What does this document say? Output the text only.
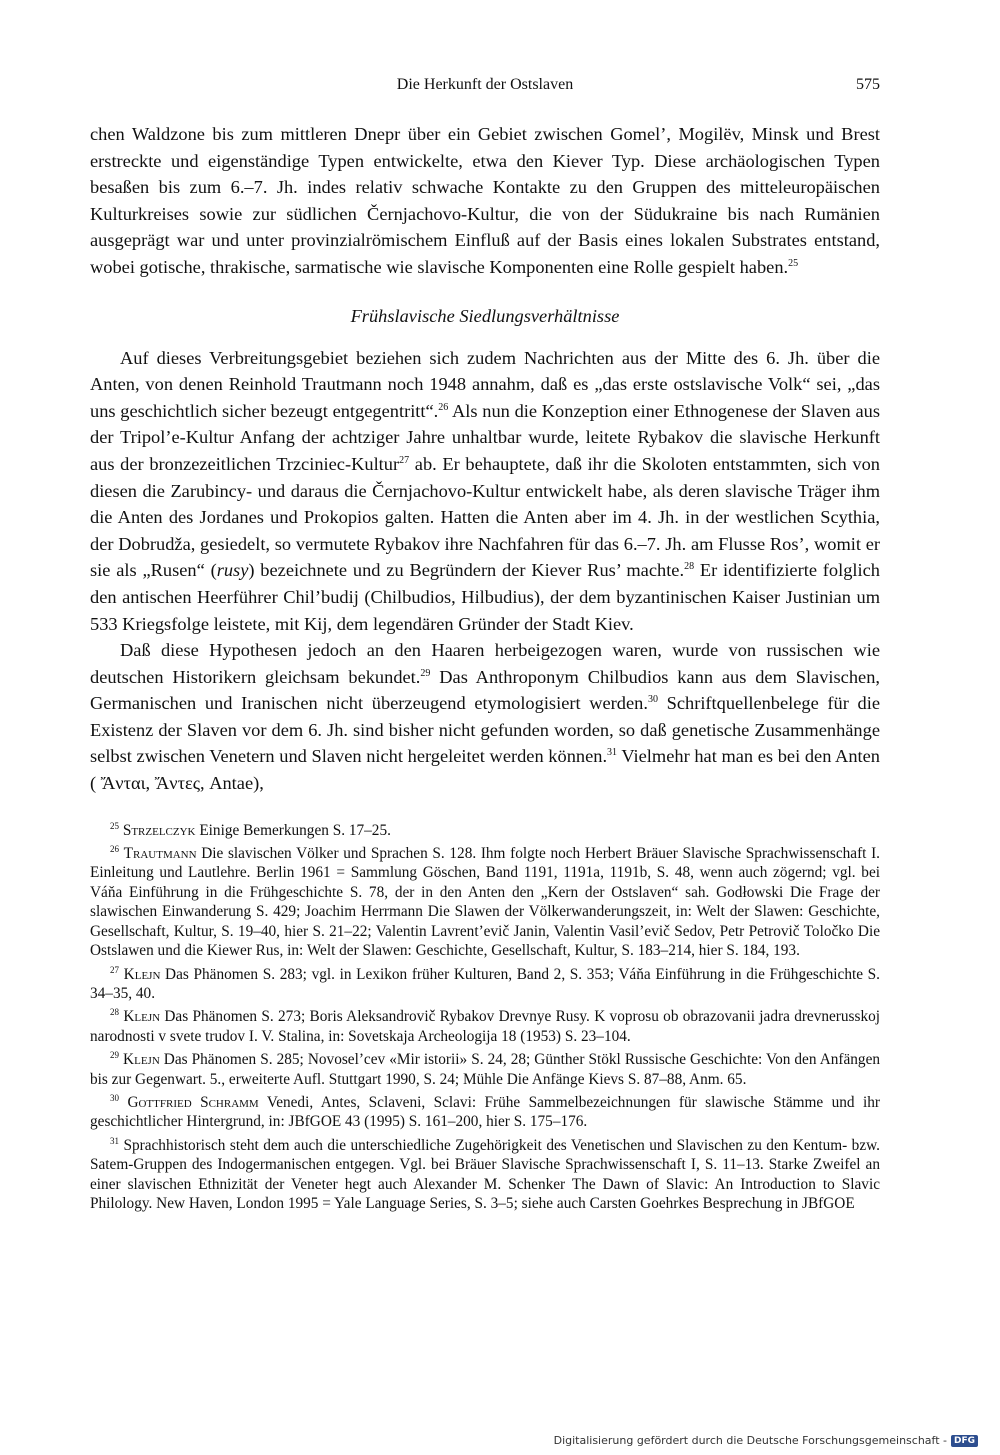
Die Herkunft der Ostslaven	575

chen Waldzone bis zum mittleren Dnepr über ein Gebiet zwischen Gomel’, Mogilëv, Minsk und Brest erstreckte und eigenständige Typen entwickelte, etwa den Kiever Typ. Diese archäologischen Typen besaßen bis zum 6.–7. Jh. indes relativ schwache Kontakte zu den Gruppen des mitteleuropäischen Kulturkreises sowie zur südlichen Černjachovo-Kultur, die von der Südukraine bis nach Rumänien ausgeprägt war und unter provinzialrömischem Einfluß auf der Basis eines lokalen Substrates entstand, wobei gotische, thrakische, sarmatische wie slavische Komponenten eine Rolle gespielt haben.$^{25}$

Frühslavische Siedlungsverhältnisse

Auf dieses Verbreitungsgebiet beziehen sich zudem Nachrichten aus der Mitte des 6. Jh. über die Anten, von denen Reinhold Trautmann noch 1948 annahm, daß es „das erste ostslavische Volk“ sei, „das uns geschichtlich sicher bezeugt entgegentritt“.$^{26}$ Als nun die Konzeption einer Ethnogenese der Slaven aus der Tripol’e-Kultur Anfang der achtziger Jahre unhaltbar wurde, leitete Rybakov die slavische Herkunft aus der bronzezeitlichen Trzciniec-Kultur$^{27}$ ab. Er behauptete, daß ihr die Skoloten entstammten, sich von diesen die Zarubincy- und daraus die Černjachovo-Kultur entwickelt habe, als deren slavische Träger ihm die Anten des Jordanes und Prokopios galten. Hatten die Anten aber im 4. Jh. in der westlichen Scythia, der Dobrudža, gesiedelt, so vermutete Rybakov ihre Nachfahren für das 6.–7. Jh. am Flusse Ros’, womit er sie als „Rusen“ (rusy) bezeichnete und zu Begründern der Kiever Rus’ machte.$^{28}$ Er identifizierte folglich den antischen Heerführer Chil’budij (Chilbudios, Hilbudius), der dem byzantinischen Kaiser Justinian um 533 Kriegsfolge leistete, mit Kij, dem legendären Gründer der Stadt Kiev.

Daß diese Hypothesen jedoch an den Haaren herbeigezogen waren, wurde von russischen wie deutschen Historikern gleichsam bekundet.$^{29}$ Das Anthroponym Chilbudios kann aus dem Slavischen, Germanischen und Iranischen nicht überzeugend etymologisiert werden.$^{30}$ Schriftquellenbelege für die Existenz der Slaven vor dem 6. Jh. sind bisher nicht gefunden worden, so daß genetische Zusammenhänge selbst zwischen Venetern und Slaven nicht hergeleitet werden können.$^{31}$ Vielmehr hat man es bei den Anten ( Ἄνται, Ἄντες, Antae),

$^{25}$ Strzelczyk Einige Bemerkungen S. 17–25.

$^{26}$ Trautmann Die slavischen Völker und Sprachen S. 128. Ihm folgte noch Herbert Bräuer Slavische Sprachwissenschaft I. Einleitung und Lautlehre. Berlin 1961 = Sammlung Göschen, Band 1191, 1191a, 1191b, S. 48, wenn auch zögernd; vgl. bei Váňa Einführung in die Frühgeschichte S. 78, der in den Anten den „Kern der Ostslaven“ sah. Godłowski Die Frage der slawischen Einwanderung S. 429; Joachim Herrmann Die Slawen der Völkerwanderungszeit, in: Welt der Slawen: Geschichte, Gesellschaft, Kultur, S. 19–40, hier S. 21–22; Valentin Lavrent’evič Janin, Valentin Vasil’evič Sedov, Petr Petrovič Toločko Die Ostslawen und die Kiewer Rus, in: Welt der Slawen: Geschichte, Gesellschaft, Kultur, S. 183–214, hier S. 184, 193.

$^{27}$ Klejn Das Phänomen S. 283; vgl. in Lexikon früher Kulturen, Band 2, S. 353; Váňa Einführung in die Frühgeschichte S. 34–35, 40.

$^{28}$ Klejn Das Phänomen S. 273; Boris Aleksandrovič Rybakov Drevnye Rusy. K voprosu ob obrazovanii jadra drevnerusskoj narodnosti v svete trudov I. V. Stalina, in: Sovetskaja Archeologija 18 (1953) S. 23–104.

$^{29}$ Klejn Das Phänomen S. 285; Novosel’cev «Mir istorii» S. 24, 28; Günther Stökl Russische Geschichte: Von den Anfängen bis zur Gegenwart. 5., erweiterte Aufl. Stuttgart 1990, S. 24; Mühle Die Anfänge Kievs S. 87–88, Anm. 65.

$^{30}$ Gottfried Schramm Venedi, Antes, Sclaveni, Sclavi: Frühe Sammelbezeichnungen für slawische Stämme und ihr geschichtlicher Hintergrund, in: JBfGOE 43 (1995) S. 161–200, hier S. 175–176.

$^{31}$ Sprachhistorisch steht dem auch die unterschiedliche Zugehörigkeit des Venetischen und Slavischen zu den Kentum- bzw. Satem-Gruppen des Indogermanischen entgegen. Vgl. bei Bräuer Slavische Sprachwissenschaft I, S. 11–13. Starke Zweifel an einer slavischen Ethnizität der Veneter hegt auch Alexander M. Schenker The Dawn of Slavic: An Introduction to Slavic Philology. New Haven, London 1995 = Yale Language Series, S. 3–5; siehe auch Carsten Goehrkes Besprechung in JBfGOE

Digitalisierung gefördert durch die Deutsche Forschungsgemeinschaft - DFG
